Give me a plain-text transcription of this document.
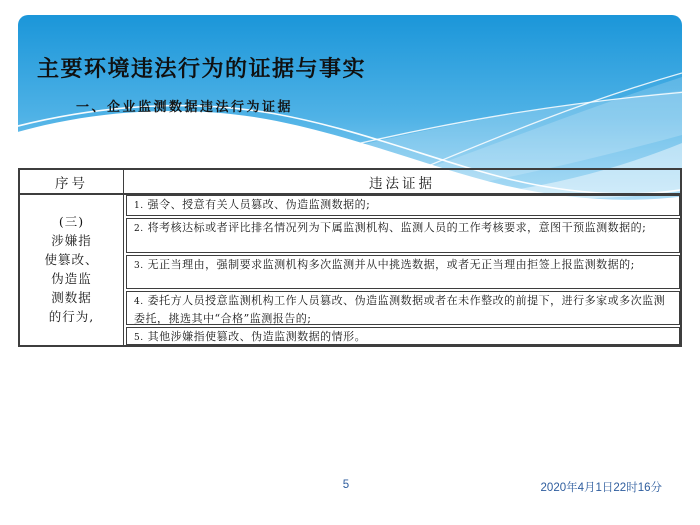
主要环境违法行为的证据与事实
一、企业监测数据违法行为证据
序号	违法证据
(三)
涉嫌指
使篡改、
伪造监
测数据
的行为,
1. 强令、授意有关人员篡改、伪造监测数据的;
2. 将考核达标或者评比排名情况列为下属监测机构、监测人员的工作考核要求，意图干预监测数据的;
3. 无正当理由，强制要求监测机构多次监测并从中挑选数据，或者无正当理由拒签上报监测数据的;
4. 委托方人员授意监测机构工作人员篡改、伪造监测数据或者在未作整改的前提下，进行多家或多次监测委托，挑选其中“合格”监测报告的;
5. 其他涉嫌指使篡改、伪造监测数据的情形。
5	2020年4月1日22时16分
